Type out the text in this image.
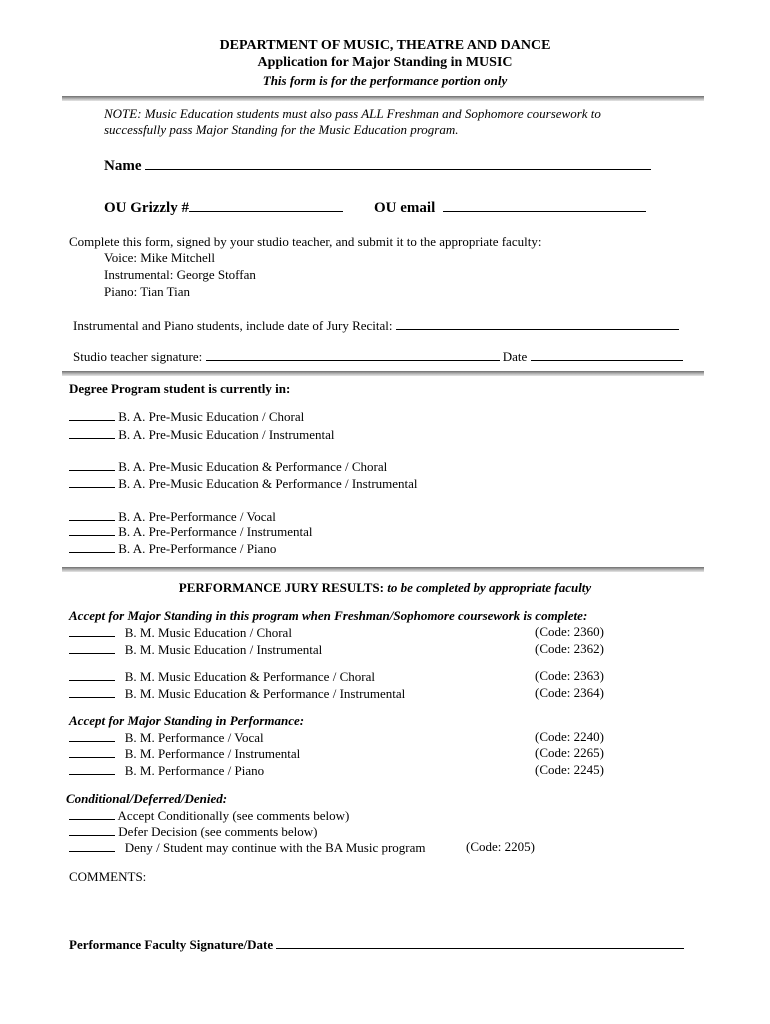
DEPARTMENT OF MUSIC, THEATRE AND DANCE
Application for Major Standing in MUSIC
This form is for the performance portion only
NOTE: Music Education students must also pass ALL Freshman and Sophomore coursework to
successfully pass Major Standing for the Music Education program.
Name
OU Grizzly #	OU email
Complete this form, signed by your studio teacher, and submit it to the appropriate faculty:
Voice: Mike Mitchell
Instrumental: George Stoffan
Piano: Tian Tian
Instrumental and Piano students, include date of Jury Recital:
Studio teacher signature:	Date
Degree Program student is currently in:
B. A. Pre-Music Education / Choral
B. A. Pre-Music Education / Instrumental
B. A. Pre-Music Education & Performance / Choral
B. A. Pre-Music Education & Performance / Instrumental
B. A. Pre-Performance / Vocal
B. A. Pre-Performance / Instrumental
B. A. Pre-Performance / Piano
PERFORMANCE JURY RESULTS: to be completed by appropriate faculty
Accept for Major Standing in this program when Freshman/Sophomore coursework is complete:
B. M. Music Education / Choral	(Code: 2360)
B. M. Music Education / Instrumental	(Code: 2362)
B. M. Music Education & Performance / Choral	(Code: 2363)
B. M. Music Education & Performance / Instrumental	(Code: 2364)
Accept for Major Standing in Performance:
B. M. Performance / Vocal	(Code: 2240)
B. M. Performance / Instrumental	(Code: 2265)
B. M. Performance / Piano	(Code: 2245)
Conditional/Deferred/Denied:
Accept Conditionally (see comments below)
Defer Decision (see comments below)
Deny / Student may continue with the BA Music program	(Code: 2205)
COMMENTS:
Performance Faculty Signature/Date
